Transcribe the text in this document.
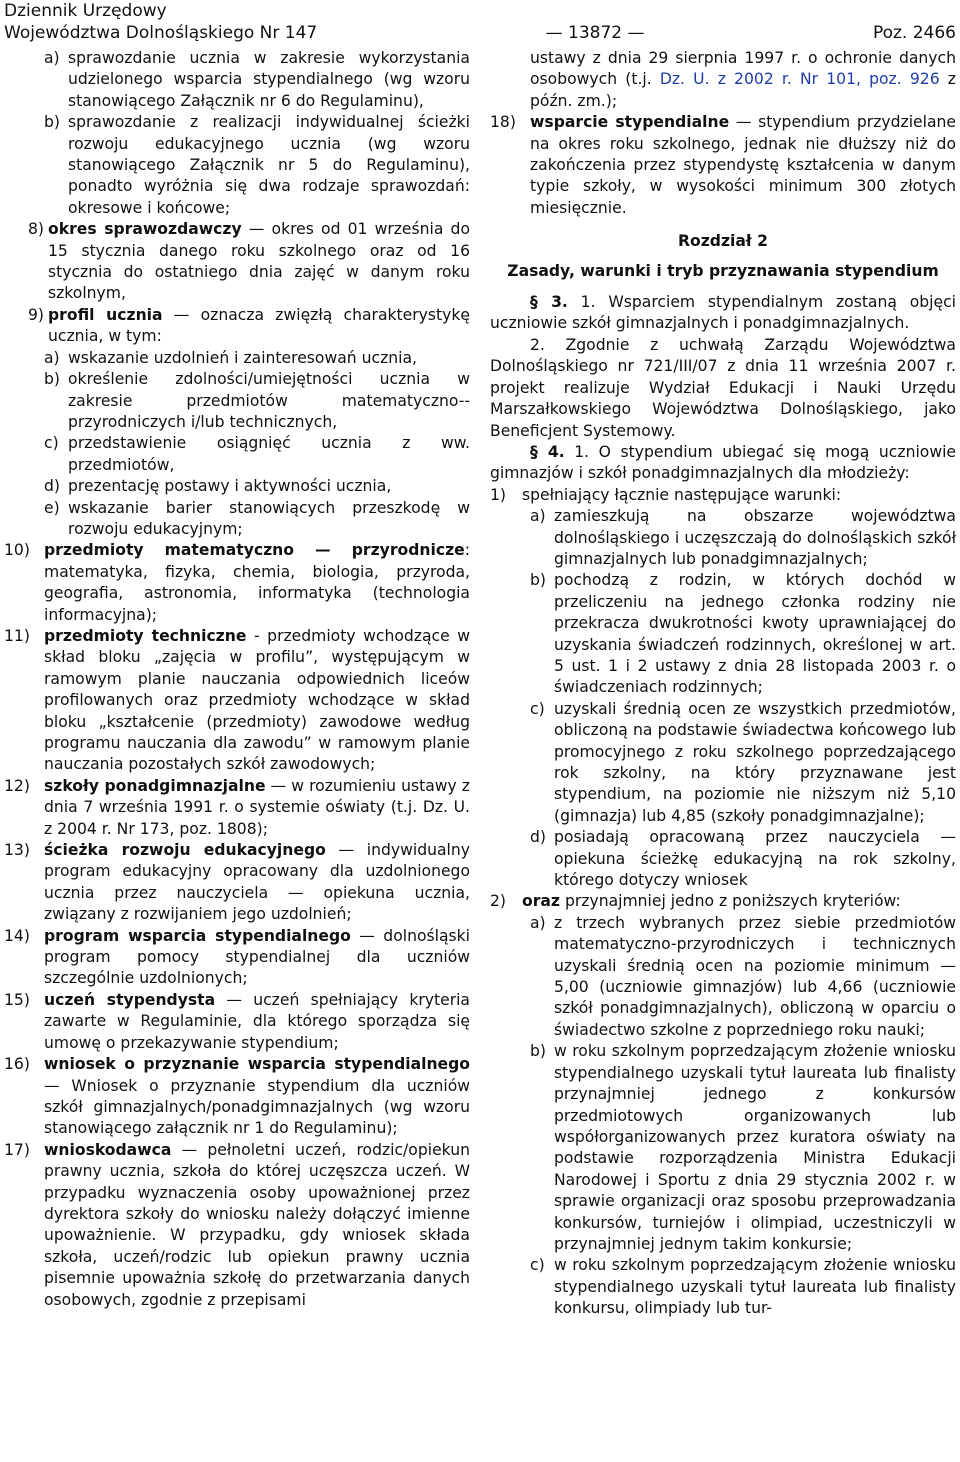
Dziennik Urzędowy
Województwa Dolnośląskiego Nr 147	— 13872 —	Poz. 2466
a) sprawozdanie ucznia w zakresie wykorzystania udzielonego wsparcia stypendialnego (wg wzoru stanowiącego Załącznik nr 6 do Regulaminu),
b) sprawozdanie z realizacji indywidualnej ścieżki rozwoju edukacyjnego ucznia (wg wzoru stanowiącego Załącznik nr 5 do Regulaminu), ponadto wyróżnia się dwa rodzaje sprawozdań: okresowe i końcowe;
8) okres sprawozdawczy — okres od 01 września do 15 stycznia danego roku szkolnego oraz od 16 stycznia do ostatniego dnia zajęć w danym roku szkolnym,
9) profil ucznia — oznacza zwięzłą charakterystykę ucznia, w tym:
a) wskazanie uzdolnień i zainteresowań ucznia,
b) określenie zdolności/umiejętności ucznia w zakresie przedmiotów matematyczno--przyrodniczych i/lub technicznych,
c) przedstawienie osiągnięć ucznia z ww. przedmiotów,
d) prezentację postawy i aktywności ucznia,
e) wskazanie barier stanowiących przeszkodę w rozwoju edukacyjnym;
10) przedmioty matematyczno — przyrodnicze: matematyka, fizyka, chemia, biologia, przyroda, geografia, astronomia, informatyka (technologia informacyjna);
11) przedmioty techniczne - przedmioty wchodzące w skład bloku „zajęcia w profilu”, występującym w ramowym planie nauczania odpowiednich liceów profilowanych oraz przedmioty wchodzące w skład bloku „kształcenie (przedmioty) zawodowe według programu nauczania dla zawodu” w ramowym planie nauczania pozostałych szkół zawodowych;
12) szkoły ponadgimnazjalne — w rozumieniu ustawy z dnia 7 września 1991 r. o systemie oświaty (t.j. Dz. U. z 2004 r. Nr 173, poz. 1808);
13) ścieżka rozwoju edukacyjnego — indywidualny program edukacyjny opracowany dla uzdolnionego ucznia przez nauczyciela — opiekuna ucznia, związany z rozwijaniem jego uzdolnień;
14) program wsparcia stypendialnego — dolnośląski program pomocy stypendialnej dla uczniów szczególnie uzdolnionych;
15) uczeń stypendysta — uczeń spełniający kryteria zawarte w Regulaminie, dla którego sporządza się umowę o przekazywanie stypendium;
16) wniosek o przyznanie wsparcia stypendialnego — Wniosek o przyznanie stypendium dla uczniów szkół gimnazjalnych/ponadgimnazjalnych (wg wzoru stanowiącego załącznik nr 1 do Regulaminu);
17) wnioskodawca — pełnoletni uczeń, rodzic/opiekun prawny ucznia, szkoła do której uczęszcza uczeń. W przypadku wyznaczenia osoby upoważnionej przez dyrektora szkoły do wniosku należy dołączyć imienne upoważnienie. W przypadku, gdy wniosek składa szkoła, uczeń/rodzic lub opiekun prawny ucznia pisemnie upoważnia szkołę do przetwarzania danych osobowych, zgodnie z przepisami

ustawy z dnia 29 sierpnia 1997 r. o ochronie danych osobowych (t.j. Dz. U. z 2002 r. Nr 101, poz. 926 z późn. zm.);

18) wsparcie stypendialne — stypendium przydzielane na okres roku szkolnego, jednak nie dłuższy niż do zakończenia przez stypendystę kształcenia w danym typie szkoły, w wysokości minimum 300 złotych miesięcznie.

Rozdział 2

Zasady, warunki i tryb przyznawania stypendium

§ 3. 1. Wsparciem stypendialnym zostaną objęci uczniowie szkół gimnazjalnych i ponadgimnazjalnych.

2. Zgodnie z uchwałą Zarządu Województwa Dolnośląskiego nr 721/III/07 z dnia 11 września 2007 r. projekt realizuje Wydział Edukacji i Nauki Urzędu Marszałkowskiego Województwa Dolnośląskiego, jako Beneficjent Systemowy.

§ 4. 1. O stypendium ubiegać się mogą uczniowie gimnazjów i szkół ponadgimnazjalnych dla młodzieży:

1)	spełniający łącznie następujące warunki:
a) zamieszkują na obszarze województwa dolnośląskiego i uczęszczają do dolnośląskich szkół gimnazjalnych lub ponadgimnazjalnych;
b) pochodzą z rodzin, w których dochód w przeliczeniu na jednego członka rodziny nie przekracza dwukrotności kwoty uprawniającej do uzyskania świadczeń rodzinnych, określonej w art. 5 ust. 1 i 2 ustawy z dnia 28 listopada 2003 r. o świadczeniach rodzinnych;
c) uzyskali średnią ocen ze wszystkich przedmiotów, obliczoną na podstawie świadectwa końcowego lub promocyjnego z roku szkolnego poprzedzającego rok szkolny, na który przyznawane jest stypendium, na poziomie nie niższym niż 5,10 (gimnazja) lub 4,85 (szkoły ponadgimnazjalne);
d) posiadają opracowaną przez nauczyciela — opiekuna ścieżkę edukacyjną na rok szkolny, którego dotyczy wniosek
2)	oraz przynajmniej jedno z poniższych kryteriów:
a) z trzech wybranych przez siebie przedmiotów matematyczno-przyrodniczych i technicznych uzyskali średnią ocen na poziomie minimum — 5,00 (uczniowie gimnazjów) lub 4,66 (uczniowie szkół ponadgimnazjalnych), obliczoną w oparciu o świadectwo szkolne z poprzedniego roku nauki;
b) w roku szkolnym poprzedzającym złożenie wniosku stypendialnego uzyskali tytuł laureata lub finalisty przynajmniej jednego z konkursów przedmiotowych organizowanych lub współorganizowanych przez kuratora oświaty na podstawie rozporządzenia Ministra Edukacji Narodowej i Sportu z dnia 29 stycznia 2002 r. w sprawie organizacji oraz sposobu przeprowadzania konkursów, turniejów i olimpiad, uczestniczyli w przynajmniej jednym takim konkursie;
c) w roku szkolnym poprzedzającym złożenie wniosku stypendialnego uzyskali tytuł laureata lub finalisty konkursu, olimpiady lub tur-
